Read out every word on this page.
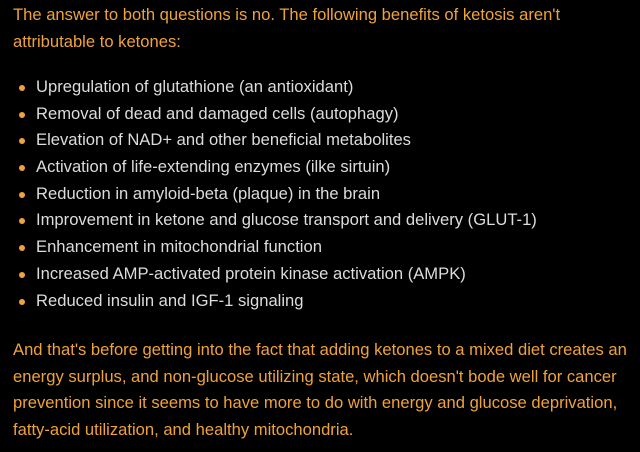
The answer to both questions is no. The following benefits of ketosis aren't attributable to ketones:

Upregulation of glutathione (an antioxidant)
Removal of dead and damaged cells (autophagy)
Elevation of NAD+ and other beneficial metabolites
Activation of life-extending enzymes (ilke sirtuin)
Reduction in amyloid-beta (plaque) in the brain
Improvement in ketone and glucose transport and delivery (GLUT-1)
Enhancement in mitochondrial function
Increased AMP-activated protein kinase activation (AMPK)
Reduced insulin and IGF-1 signaling

And that's before getting into the fact that adding ketones to a mixed diet creates an energy surplus, and non-glucose utilizing state, which doesn't bode well for cancer prevention since it seems to have more to do with energy and glucose deprivation, fatty-acid utilization, and healthy mitochondria.
